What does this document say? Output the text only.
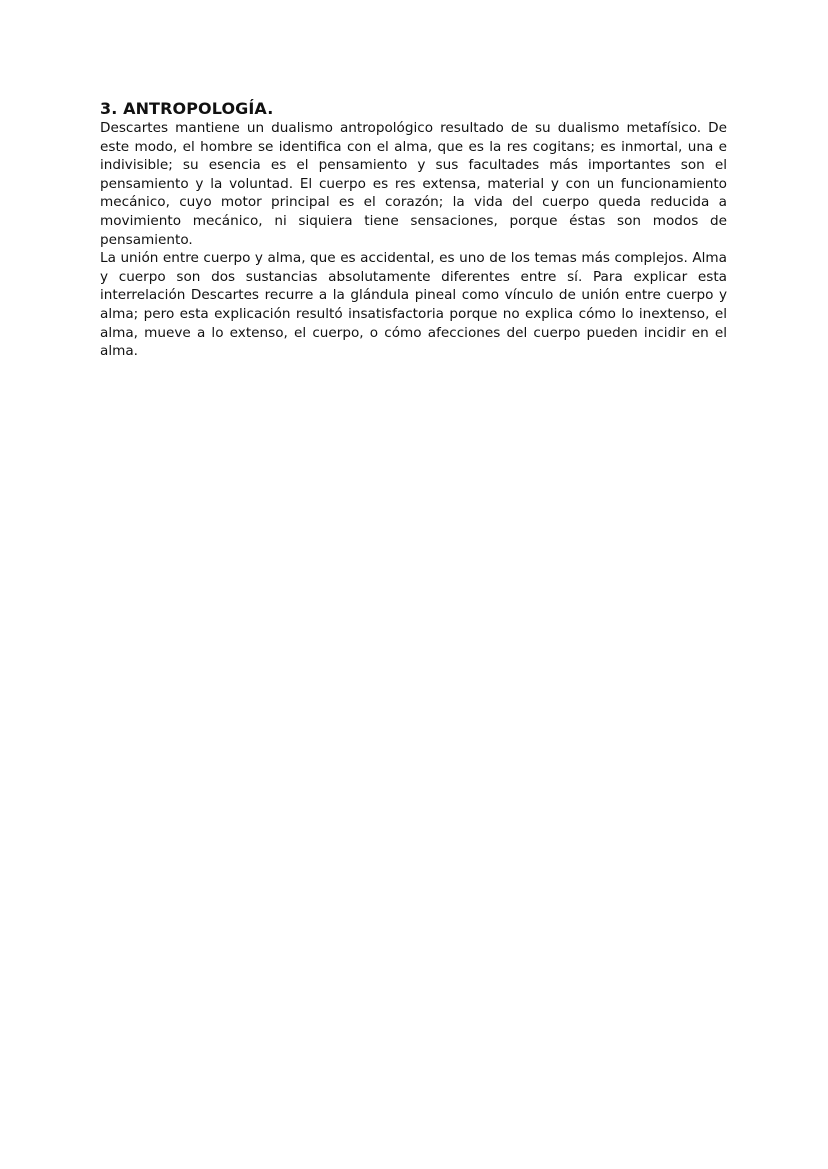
3. ANTROPOLOGÍA.

Descartes mantiene un dualismo antropológico resultado de su dualismo metafísico. De este modo, el hombre se identifica con el alma, que es la res cogitans; es inmortal, una e indivisible; su esencia es el pensamiento y sus facultades más importantes son el pensamiento y la voluntad. El cuerpo es res extensa, material y con un funcionamiento mecánico, cuyo motor principal es el corazón; la vida del cuerpo queda reducida a movimiento mecánico, ni siquiera tiene sensaciones, porque éstas son modos de pensamiento.

La unión entre cuerpo y alma, que es accidental, es uno de los temas más complejos. Alma y cuerpo son dos sustancias absolutamente diferentes entre sí. Para explicar esta interrelación Descartes recurre a la glándula pineal como vínculo de unión entre cuerpo y alma; pero esta explicación resultó insatisfactoria porque no explica cómo lo inextenso, el alma, mueve a lo extenso, el cuerpo, o cómo afecciones del cuerpo pueden incidir en el alma.
